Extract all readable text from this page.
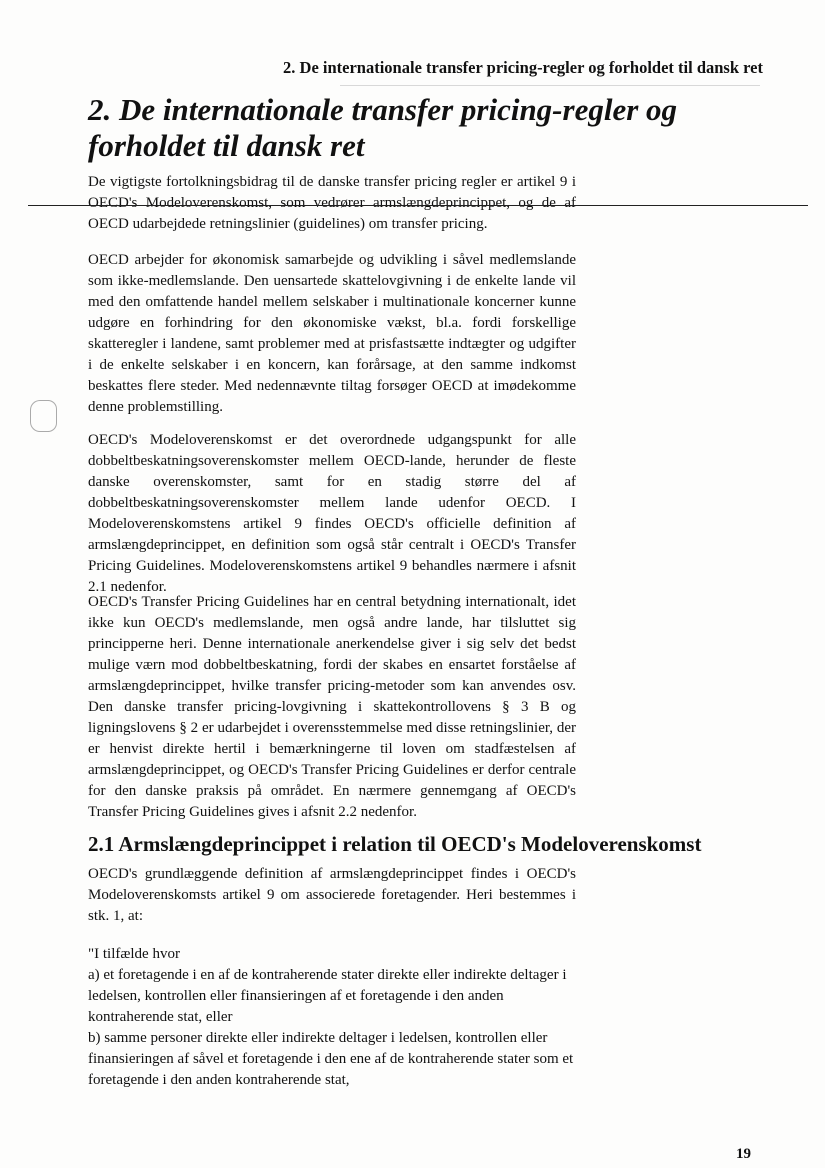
2. De internationale transfer pricing-regler og forholdet til dansk ret
2. De internationale transfer pricing-regler og forholdet til dansk ret

De vigtigste fortolkningsbidrag til de danske transfer pricing regler er artikel 9 i OECD's Modeloverenskomst, som vedrører armslængdeprincippet, og de af OECD udarbejdede retningslinier (guidelines) om transfer pricing.

OECD arbejder for økonomisk samarbejde og udvikling i såvel medlemslande som ikke-medlemslande. Den uensartede skattelovgivning i de enkelte lande vil med den omfattende handel mellem selskaber i multinationale koncerner kunne udgøre en forhindring for den økonomiske vækst, bl.a. fordi forskellige skatteregler i landene, samt problemer med at prisfastsætte indtægter og udgifter i de enkelte selskaber i en koncern, kan forårsage, at den samme indkomst beskattes flere steder. Med nedennævnte tiltag forsøger OECD at imødekomme denne problemstilling.

OECD's Modeloverenskomst er det overordnede udgangspunkt for alle dobbeltbeskatningsoverenskomster mellem OECD-lande, herunder de fleste danske overenskomster, samt for en stadig større del af dobbeltbeskatningsoverenskomster mellem lande udenfor OECD. I Modeloverenskomstens artikel 9 findes OECD's officielle definition af armslængdeprincippet, en definition som også står centralt i OECD's Transfer Pricing Guidelines. Modeloverenskomstens artikel 9 behandles nærmere i afsnit 2.1 nedenfor.

OECD's Transfer Pricing Guidelines har en central betydning internationalt, idet ikke kun OECD's medlemslande, men også andre lande, har tilsluttet sig principperne heri. Denne internationale anerkendelse giver i sig selv det bedst mulige værn mod dobbeltbeskatning, fordi der skabes en ensartet forståelse af armslængdeprincippet, hvilke transfer pricing-metoder som kan anvendes osv. Den danske transfer pricing-lovgivning i skattekontrollovens § 3 B og ligningslovens § 2 er udarbejdet i overensstemmelse med disse retningslinier, der er henvist direkte hertil i bemærkningerne til loven om stadfæstelsen af armslængdeprincippet, og OECD's Transfer Pricing Guidelines er derfor centrale for den danske praksis på området. En nærmere gennemgang af OECD's Transfer Pricing Guidelines gives i afsnit 2.2 nedenfor.

2.1 Armslængdeprincippet i relation til OECD's Modeloverenskomst

OECD's grundlæggende definition af armslængdeprincippet findes i OECD's Modeloverenskomsts artikel 9 om associerede foretagender. Heri bestemmes i stk. 1, at:

"I tilfælde hvor
a) et foretagende i en af de kontraherende stater direkte eller indirekte deltager i ledelsen, kontrollen eller finansieringen af et foretagende i den anden kontraherende stat, eller
b) samme personer direkte eller indirekte deltager i ledelsen, kontrollen eller finansieringen af såvel et foretagende i den ene af de kontraherende stater som et foretagende i den anden kontraherende stat,
19
